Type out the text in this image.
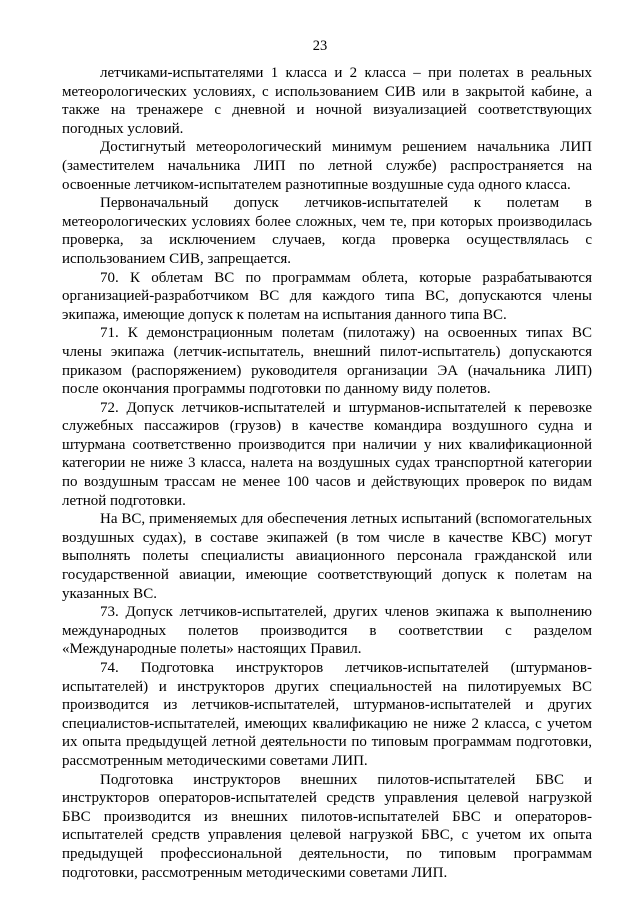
23

летчиками-испытателями 1 класса и 2 класса – при полетах в реальных метеорологических условиях, с использованием СИВ или в закрытой кабине, а также на тренажере с дневной и ночной визуализацией соответствующих погодных условий.

Достигнутый метеорологический минимум решением начальника ЛИП (заместителем начальника ЛИП по летной службе) распространяется на освоенные летчиком-испытателем разнотипные воздушные суда одного класса.

Первоначальный допуск летчиков-испытателей к полетам в метеорологических условиях более сложных, чем те, при которых производилась проверка, за исключением случаев, когда проверка осуществлялась с использованием СИВ, запрещается.

70. К облетам ВС по программам облета, которые разрабатываются организацией-разработчиком ВС для каждого типа ВС, допускаются члены экипажа, имеющие допуск к полетам на испытания данного типа ВС.

71. К демонстрационным полетам (пилотажу) на освоенных типах ВС члены экипажа (летчик-испытатель, внешний пилот-испытатель) допускаются приказом (распоряжением) руководителя организации ЭА (начальника ЛИП) после окончания программы подготовки по данному виду полетов.

72. Допуск летчиков-испытателей и штурманов-испытателей к перевозке служебных пассажиров (грузов) в качестве командира воздушного судна и штурмана соответственно производится при наличии у них квалификационной категории не ниже 3 класса, налета на воздушных судах транспортной категории по воздушным трассам не менее 100 часов и действующих проверок по видам летной подготовки.

На ВС, применяемых для обеспечения летных испытаний (вспомогательных воздушных судах), в составе экипажей (в том числе в качестве КВС) могут выполнять полеты специалисты авиационного персонала гражданской или государственной авиации, имеющие соответствующий допуск к полетам на указанных ВС.

73. Допуск летчиков-испытателей, других членов экипажа к выполнению международных полетов производится в соответствии с разделом «Международные полеты» настоящих Правил.

74. Подготовка инструкторов летчиков-испытателей (штурманов-испытателей) и инструкторов других специальностей на пилотируемых ВС производится из летчиков-испытателей, штурманов-испытателей и других специалистов-испытателей, имеющих квалификацию не ниже 2 класса, с учетом их опыта предыдущей летной деятельности по типовым программам подготовки, рассмотренным методическими советами ЛИП.

Подготовка инструкторов внешних пилотов-испытателей БВС и инструкторов операторов-испытателей средств управления целевой нагрузкой БВС производится из внешних пилотов-испытателей БВС и операторов-испытателей средств управления целевой нагрузкой БВС, с учетом их опыта предыдущей профессиональной деятельности, по типовым программам подготовки, рассмотренным методическими советами ЛИП.
